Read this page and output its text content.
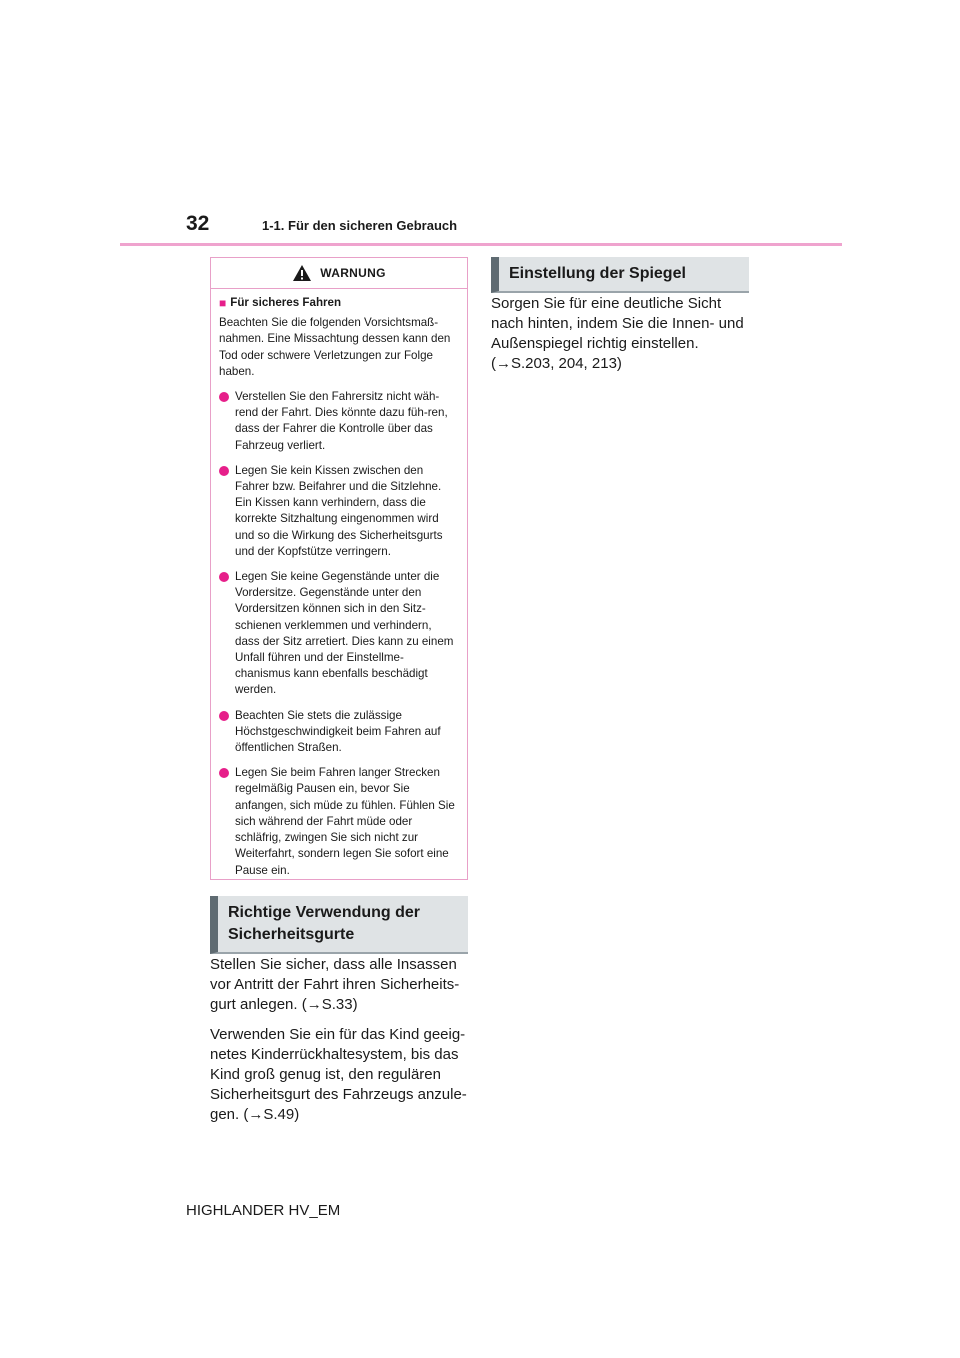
32	1-1. Für den sicheren Gebrauch
WARNUNG
■ Für sicheres Fahren
Beachten Sie die folgenden Vorsichtsmaß-nahmen. Eine Missachtung dessen kann den Tod oder schwere Verletzungen zur Folge haben.
Verstellen Sie den Fahrersitz nicht wäh-rend der Fahrt. Dies könnte dazu füh-ren, dass der Fahrer die Kontrolle über das Fahrzeug verliert.
Legen Sie kein Kissen zwischen den Fahrer bzw. Beifahrer und die Sitzlehne. Ein Kissen kann verhindern, dass die korrekte Sitzhaltung eingenommen wird und so die Wirkung des Sicherheitsgurts und der Kopfstütze verringern.
Legen Sie keine Gegenstände unter die Vordersitze. Gegenstände unter den Vordersitzen können sich in den Sitz-schienen verklemmen und verhindern, dass der Sitz arretiert. Dies kann zu einem Unfall führen und der Einstellme-chanismus kann ebenfalls beschädigt werden.
Beachten Sie stets die zulässige Höchstgeschwindigkeit beim Fahren auf öffentlichen Straßen.
Legen Sie beim Fahren langer Strecken regelmäßig Pausen ein, bevor Sie anfangen, sich müde zu fühlen. Fühlen Sie sich während der Fahrt müde oder schläfrig, zwingen Sie sich nicht zur Weiterfahrt, sondern legen Sie sofort eine Pause ein.
Richtige Verwendung der Sicherheitsgurte

Stellen Sie sicher, dass alle Insassen vor Antritt der Fahrt ihren Sicherheits-gurt anlegen. (→S.33)

Verwenden Sie ein für das Kind geeig-netes Kinderrückhaltesystem, bis das Kind groß genug ist, den regulären Sicherheitsgurt des Fahrzeugs anzule-gen. (→S.49)

Einstellung der Spiegel

Sorgen Sie für eine deutliche Sicht nach hinten, indem Sie die Innen- und Außenspiegel richtig einstellen. (→S.203, 204, 213)

HIGHLANDER HV_EM
